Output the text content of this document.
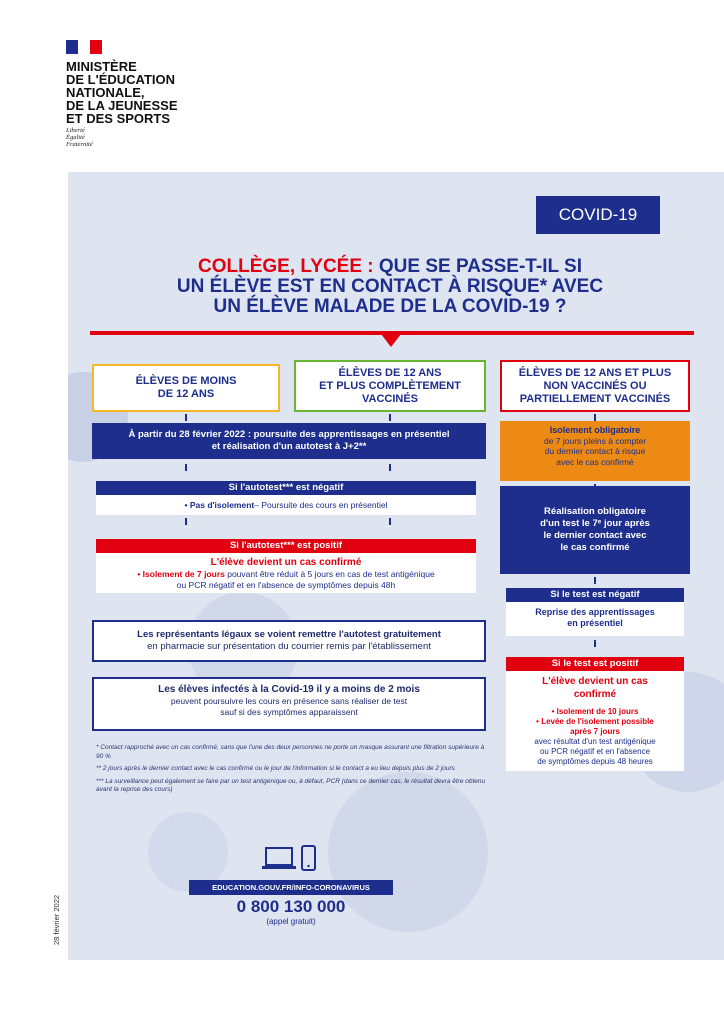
MINISTÈRE
DE L'ÉDUCATION
NATIONALE,
DE LA JEUNESSE
ET DES SPORTS
Liberté
Égalité
Fraternité
COVID-19
COLLÈGE, LYCÉE : QUE SE PASSE-T-IL SI
UN ÉLÈVE EST EN CONTACT À RISQUE* AVEC
UN ÉLÈVE MALADE DE LA COVID-19 ?
ÉLÈVES DE MOINS
DE 12 ANS
ÉLÈVES DE 12 ANS
ET PLUS COMPLÈTEMENT
VACCINÉS
ÉLÈVES DE 12 ANS ET PLUS
NON VACCINÉS OU
PARTIELLEMENT VACCINÉS
À partir du 28 février 2022 : poursuite des apprentissages en présentiel
et réalisation d'un autotest à J+2**
Si l'autotest*** est négatif
• Pas d'isolement– Poursuite des cours en présentiel
Si l'autotest*** est positif
L'élève devient un cas confirmé
• Isolement de 7 jours pouvant être réduit à 5 jours en cas de test antigénique
ou PCR négatif et en l'absence de symptômes depuis 48h
Les représentants légaux se voient remettre l'autotest gratuitement
en pharmacie sur présentation du courrier remis par l'établissement
Les élèves infectés à la Covid-19 il y a moins de 2 mois
peuvent poursuivre les cours en présence sans réaliser de test
sauf si des symptômes apparaissent
Isolement obligatoire
de 7 jours pleins à compter
du dernier contact à risque
avec le cas confirmé
Réalisation obligatoire
d'un test le 7ᵉ jour après
le dernier contact avec
le cas confirmé
Si le test est négatif
Reprise des apprentissages
en présentiel
Si le test est positif
L'élève devient un cas
confirmé
• Isolement de 10 jours
• Levée de l'isolement possible
après 7 jours
avec résultat d'un test antigénique
ou PCR négatif et en l'absence
de symptômes depuis 48 heures

* Contact rapproché avec un cas confirmé, sans que l'une des deux personnes ne porte un masque assurant une filtration supérieure à 90 %

** 2 jours après le dernier contact avec le cas confirmé ou le jour de l'information si le contact a eu lieu depuis plus de 2 jours

*** La surveillance peut également se faire par un test antigénique ou, à défaut, PCR (dans ce dernier cas, le résultat devra être obtenu avant la reprise des cours)

EDUCATION.GOUV.FR/INFO-CORONAVIRUS
0 800 130 000
(appel gratuit)
28 février 2022
